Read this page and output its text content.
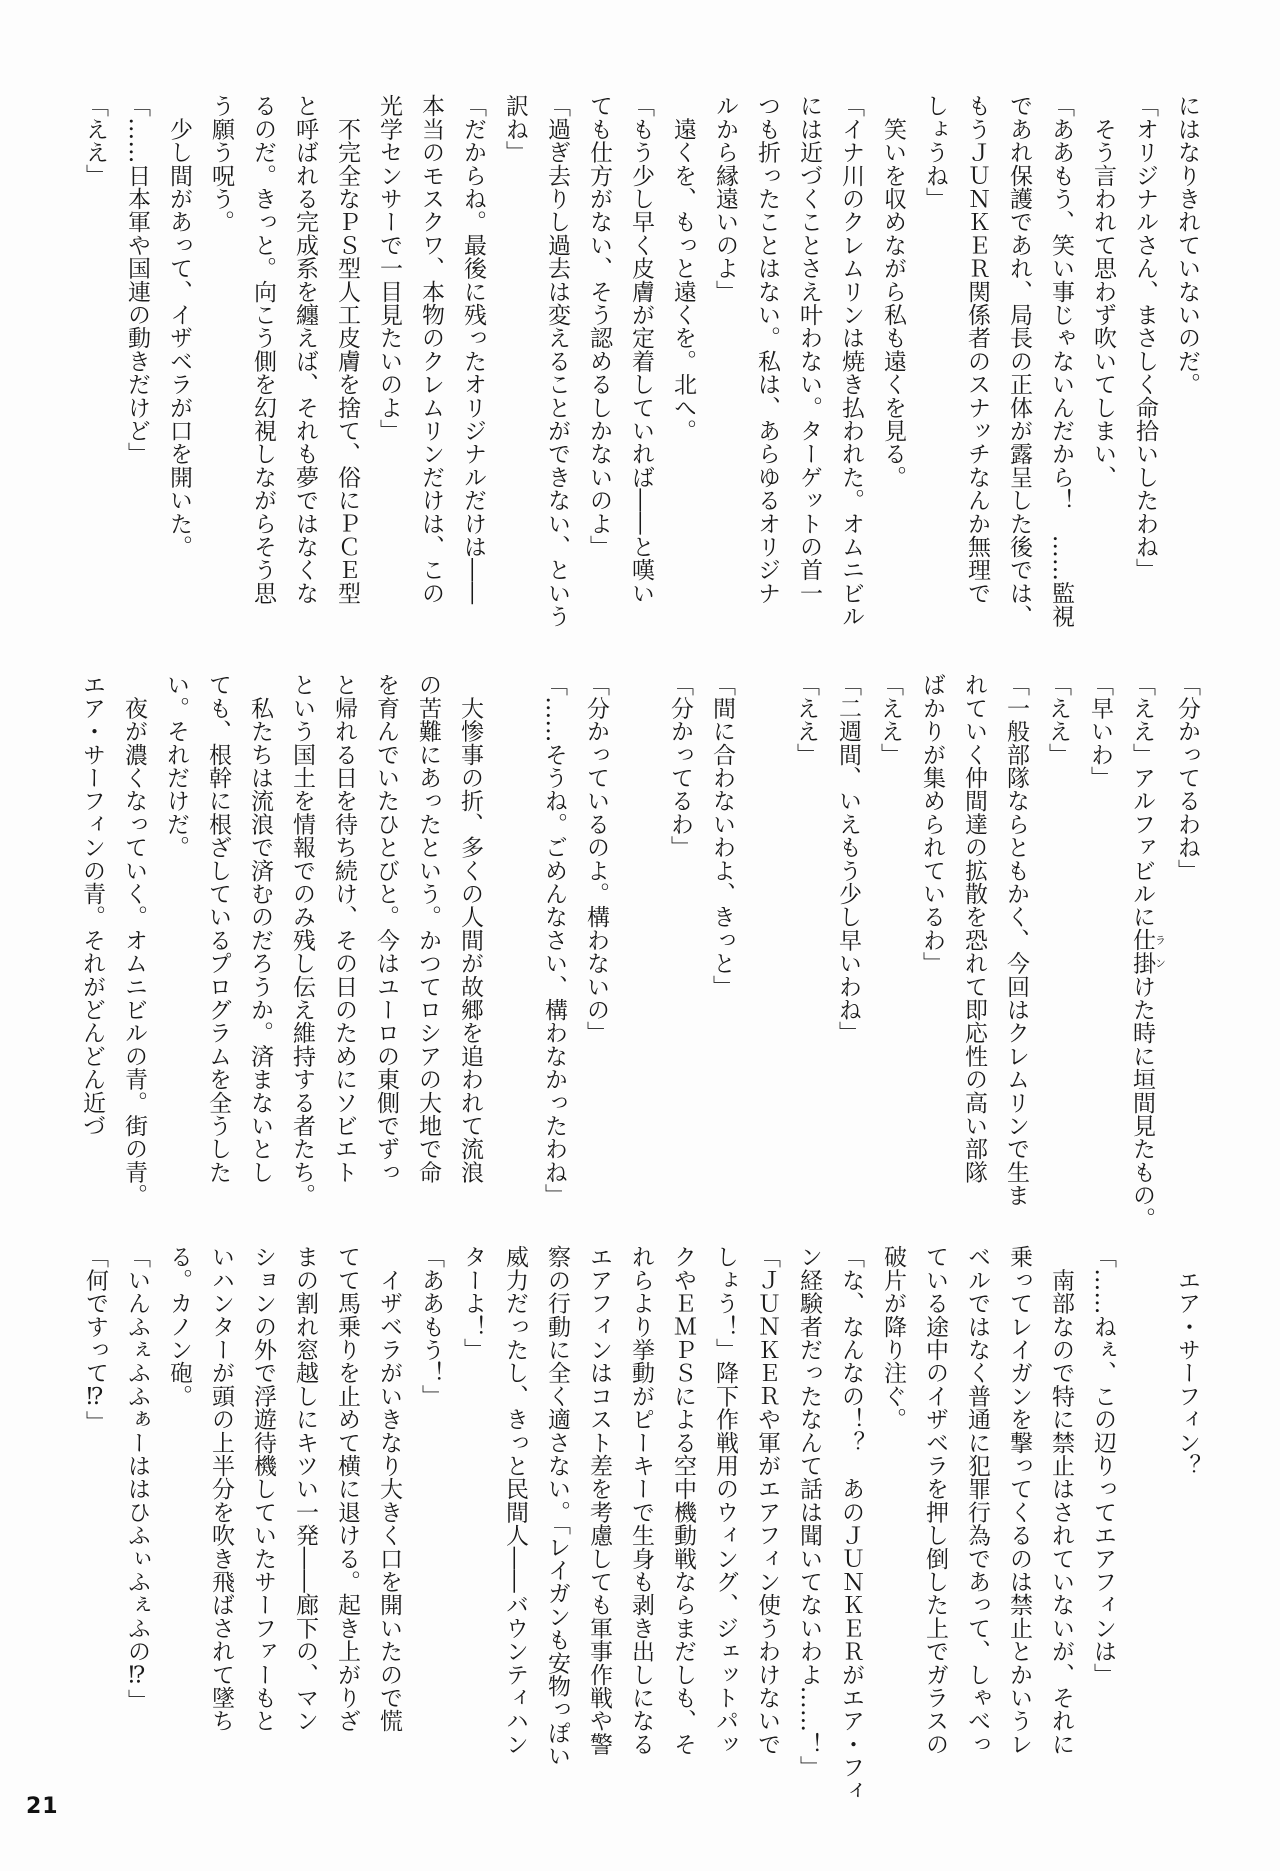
にはなりきれていないのだ。
「オリジナルさん、まさしく命拾いしたわね」
　そう言われて思わず吹いてしまい、
「ああもう、笑い事じゃないんだから！　……監視
であれ保護であれ、局長の正体が露呈した後では、
もうＪＵＮＫＥＲ関係者のスナッチなんか無理で
しょうね」
　笑いを収めながら私も遠くを見る。
「イナ川のクレムリンは焼き払われた。オムニビル
には近づくことさえ叶わない。ターゲットの首一
つも折ったことはない。私は、あらゆるオリジナ
ルから縁遠いのよ」
　遠くを、もっと遠くを。北へ。
「もう少し早く皮膚が定着していれば――と嘆い
ても仕方がない、そう認めるしかないのよ」
「過ぎ去りし過去は変えることができない、という
訳ね」
「だからね。最後に残ったオリジナルだけは――
本当のモスクワ、本物のクレムリンだけは、この
光学センサーで一目見たいのよ」
　不完全なＰＳ型人工皮膚を捨て、俗にＰＣＥ型
と呼ばれる完成系を纏えば、それも夢ではなくな
るのだ。きっと。向こう側を幻視しながらそう思
う願う呪う。
　少し間があって、イザベラが口を開いた。
「……日本軍や国連の動きだけど」
「ええ」
「分かってるわね」
「ええ」アルファビルに仕掛ランけた時に垣間見たもの。
「早いわ」
「ええ」
「一般部隊ならともかく、今回はクレムリンで生ま
れていく仲間達の拡散を恐れて即応性の高い部隊
ばかりが集められているわ」
「ええ」
「二週間、いえもう少し早いわね」
「ええ」
「間に合わないわよ、きっと」
「分かってるわ」
「分かっているのよ。構わないの」
「……そうね。ごめんなさい、構わなかったわね」
　大惨事の折、多くの人間が故郷を追われて流浪
の苦難にあったという。かつてロシアの大地で命
を育んでいたひとびと。今はユーロの東側でずっ
と帰れる日を待ち続け、その日のためにソビエト
という国土を情報でのみ残し伝え維持する者たち。
　私たちは流浪で済むのだろうか。済まないとし
ても、根幹に根ざしているプログラムを全うした
い。それだけだ。
　夜が濃くなっていく。オムニビルの青。街の青。
エア・サーフィンの青。それがどんどん近づ
　エア・サーフィン？
「……ねぇ、この辺りってエアフィンは」
　南部なので特に禁止はされていないが、それに
乗ってレイガンを撃ってくるのは禁止とかいうレ
ベルではなく普通に犯罪行為であって、しゃべっ
ている途中のイザベラを押し倒した上でガラスの
破片が降り注ぐ。
「な、なんなの！？　あのＪＵＮＫＥＲがエア・フィ
ン経験者だったなんて話は聞いてないわよ……！」
「ＪＵＮＫＥＲや軍がエアフィン使うわけないで
しょう！」降下作戦用のウィング、ジェットパッ
クやＥＭＰＳによる空中機動戦ならまだしも、そ
れらより挙動がピーキーで生身も剥き出しになる
エアフィンはコスト差を考慮しても軍事作戦や警
察の行動に全く適さない。「レイガンも安物っぽい
威力だったし、きっと民間人――バウンティハン
ターよ！」
「ああもう！」
　イザベラがいきなり大きく口を開いたので慌
てて馬乗りを止めて横に退ける。起き上がりざ
まの割れ窓越しにキツい一発――廊下の、マン
ションの外で浮遊待機していたサーファーもと
いハンターが頭の上半分を吹き飛ばされて墜ち
る。カノン砲。
「いんふぇふふぁーははひふぃふぇふの⁉」
「何ですって⁉」
21
